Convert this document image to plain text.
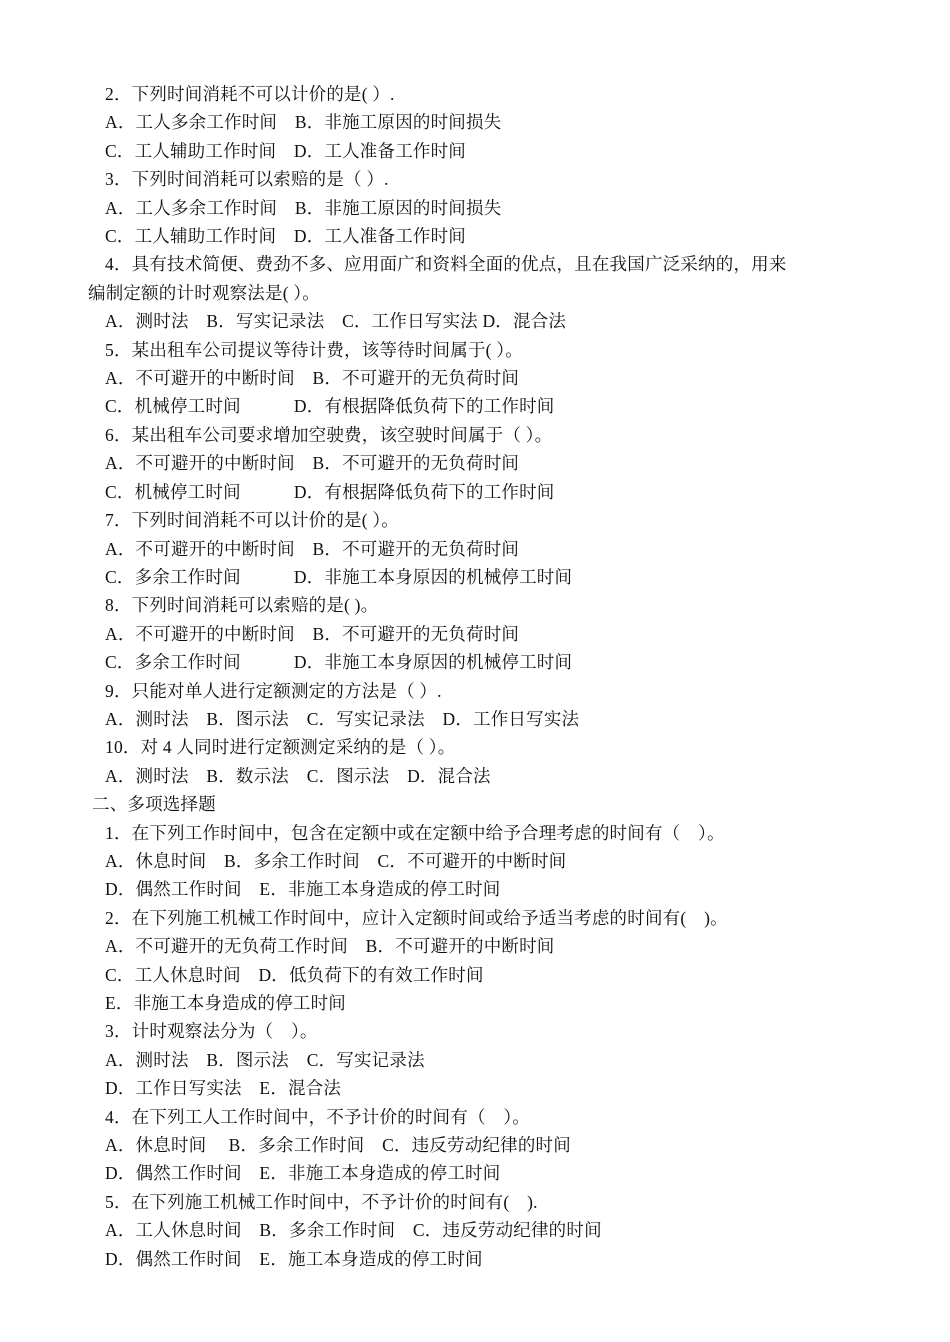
2．下列时间消耗不可以计价的是( ）.
A．工人多余工作时间　B．非施工原因的时间损失
C．工人辅助工作时间　D．工人准备工作时间
3．下列时间消耗可以索赔的是（ ）.
A．工人多余工作时间　B．非施工原因的时间损失
C．工人辅助工作时间　D．工人准备工作时间
4．具有技术简便、费劲不多、应用面广和资料全面的优点，且在我国广泛采纳的，用来
编制定额的计时观察法是( ）。
A．测时法　B．写实记录法　C．工作日写实法 D．混合法
5．某出租车公司提议等待计费，该等待时间属于( ）。
A．不可避开的中断时间　B．不可避开的无负荷时间
C．机械停工时间　　　D．有根据降低负荷下的工作时间
6．某出租车公司要求增加空驶费，该空驶时间属于（ ）。
A．不可避开的中断时间　B．不可避开的无负荷时间
C．机械停工时间　　　D．有根据降低负荷下的工作时间
7．下列时间消耗不可以计价的是( ）。
A．不可避开的中断时间　B．不可避开的无负荷时间
C．多余工作时间　　　D．非施工本身原因的机械停工时间
8．下列时间消耗可以索赔的是( )。
A．不可避开的中断时间　B．不可避开的无负荷时间
C．多余工作时间　　　D．非施工本身原因的机械停工时间
9．只能对单人进行定额测定的方法是（ ）.
A．测时法　B．图示法　C．写实记录法　D．工作日写实法
10．对 4 人同时进行定额测定采纳的是（ ）。
A．测时法　B．数示法　C．图示法　D．混合法
二、多项选择题
1．在下列工作时间中，包含在定额中或在定额中给予合理考虑的时间有（　）。
A．休息时间　B．多余工作时间　C．不可避开的中断时间
D．偶然工作时间　E．非施工本身造成的停工时间
2．在下列施工机械工作时间中，应计入定额时间或给予适当考虑的时间有(　)。
A．不可避开的无负荷工作时间　B．不可避开的中断时间
C．工人休息时间　D．低负荷下的有效工作时间
E．非施工本身造成的停工时间
3．计时观察法分为（　）。
A．测时法　B．图示法　C．写实记录法
D．工作日写实法　E．混合法
4．在下列工人工作时间中，不予计价的时间有（　）。
A．休息时间　 B．多余工作时间　C．违反劳动纪律的时间
D．偶然工作时间　E．非施工本身造成的停工时间
5．在下列施工机械工作时间中，不予计价的时间有(　).
A．工人休息时间　B．多余工作时间　C．违反劳动纪律的时间
D．偶然工作时间　E．施工本身造成的停工时间
